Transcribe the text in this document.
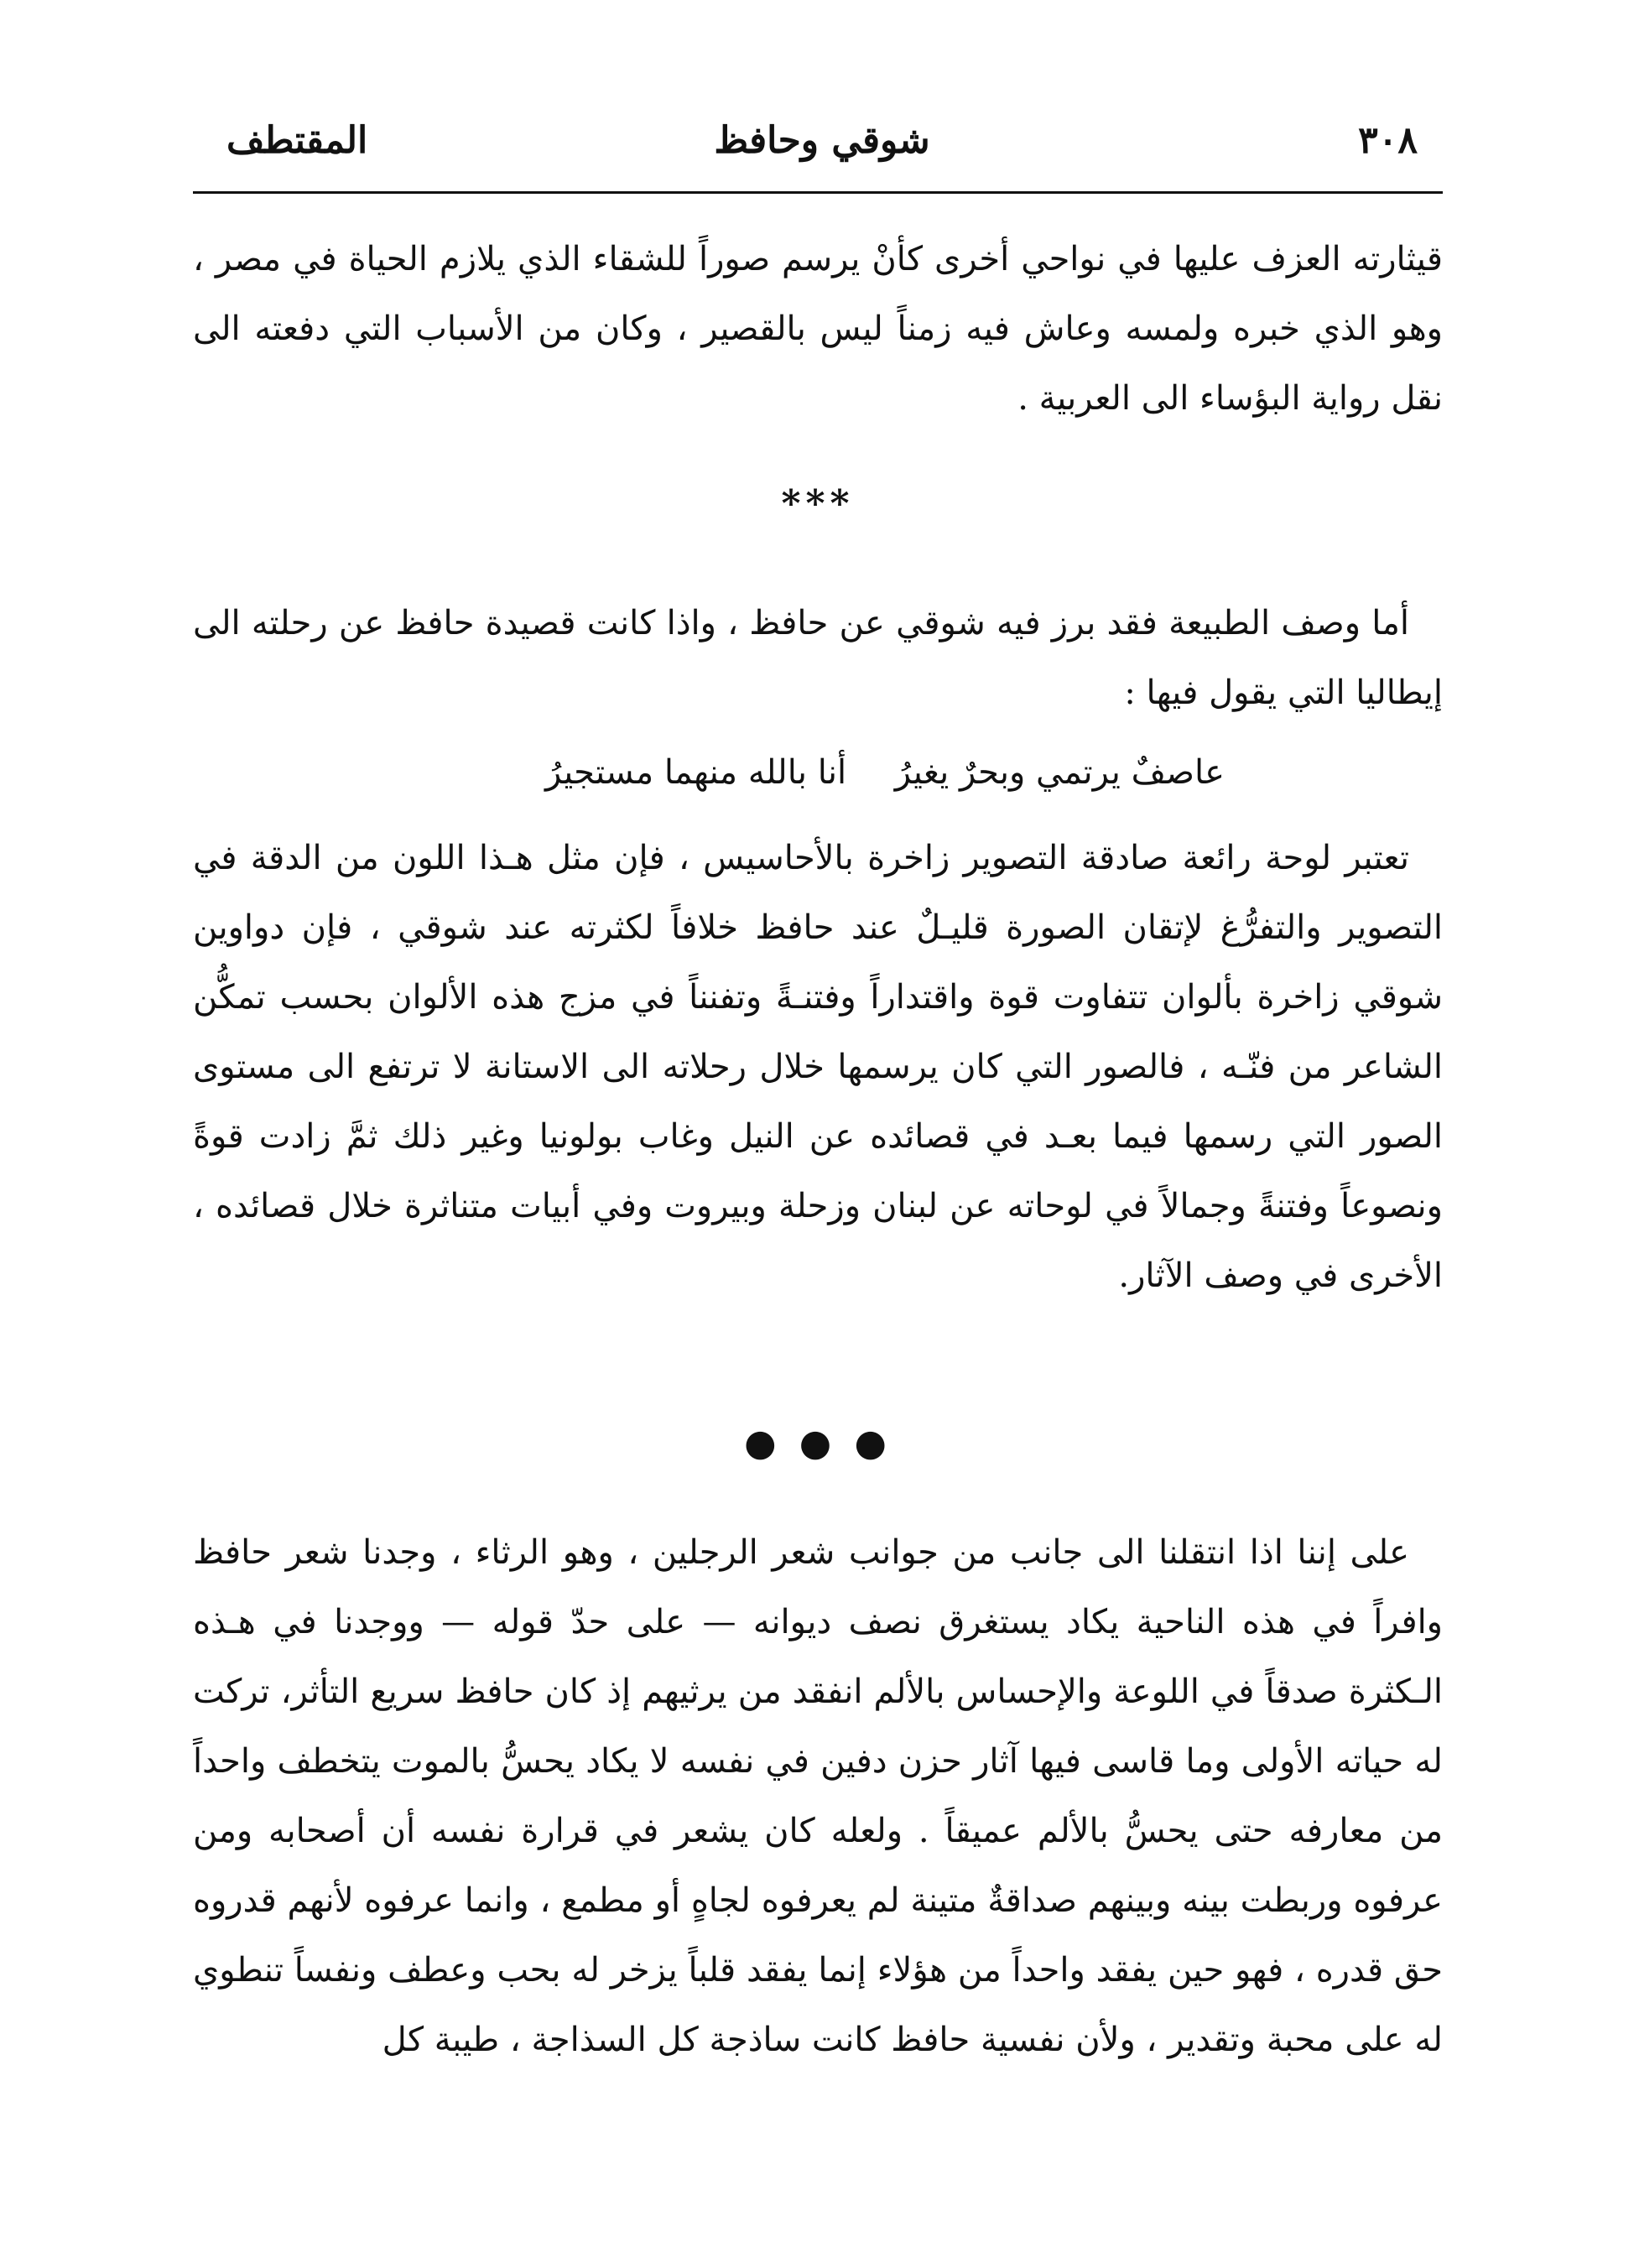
٣٠٨
شوقي وحافظ
المقتطف

قيثارته العزف عليها في نواحي أخرى كأنْ يرسم صوراً للشقاء الذي يلازم الحياة في مصر ، وهو الذي خبره ولمسه وعاش فيه زمناً ليس بالقصير ، وكان من الأسباب التي دفعته الى نقل رواية البؤساء الى العربية .

***

أما وصف الطبيعة فقد برز فيه شوقي عن حافظ ، واذا كانت قصيدة حافظ عن رحلته الى إيطاليا التي يقول فيها :

عاصفٌ يرتمي وبحرٌ يغيرُ
أنا بالله منهما مستجيرُ

تعتبر لوحة رائعة صادقة التصوير زاخرة بالأحاسيس ، فإن مثل هـذا اللون من الدقة في التصوير والتفرُّغ لإتقان الصورة قليـلٌ عند حافظ خلافاً لكثرته عند شوقي ، فإن دواوين شوقي زاخرة بألوان تتفاوت قوة واقتداراً وفتنـةً وتفنناً في مزج هذه الألوان بحسب تمكُّن الشاعر من فنّـه ، فالصور التي كان يرسمها خلال رحلاته الى الاستانة لا ترتفع الى مستوى الصور التي رسمها فيما بعـد في قصائده عن النيل وغاب بولونيا وغير ذلك ثمَّ زادت قوةً ونصوعاً وفتنةً وجمالاً في لوحاته عن لبنان وزحلة وبيروت وفي أبيات متناثرة خلال قصائده ، الأخرى في وصف الآثار.

● ● ●

على إننا اذا انتقلنا الى جانب من جوانب شعر الرجلين ، وهو الرثاء ، وجدنا شعر حافظ وافراً في هذه الناحية يكاد يستغرق نصف ديوانه — على حدّ قوله — ووجدنا في هـذه الـكثرة صدقاً في اللوعة والإحساس بالألم انفقد من يرثيهم إذ كان حافظ سريع التأثر، تركت له حياته الأولى وما قاسى فيها آثار حزن دفين في نفسه لا يكاد يحسُّ بالموت يتخطف واحداً من معارفه حتى يحسُّ بالألم عميقاً . ولعله كان يشعر في قرارة نفسه أن أصحابه ومن عرفوه وربطت بينه وبينهم صداقةٌ متينة لم يعرفوه لجاهٍ أو مطمع ، وانما عرفوه لأنهم قدروه حق قدره ، فهو حين يفقد واحداً من هؤلاء إنما يفقد قلباً يزخر له بحب وعطف ونفساً تنطوي له على محبة وتقدير ، ولأن نفسية حافظ كانت ساذجة كل السذاجة ، طيبة كل
